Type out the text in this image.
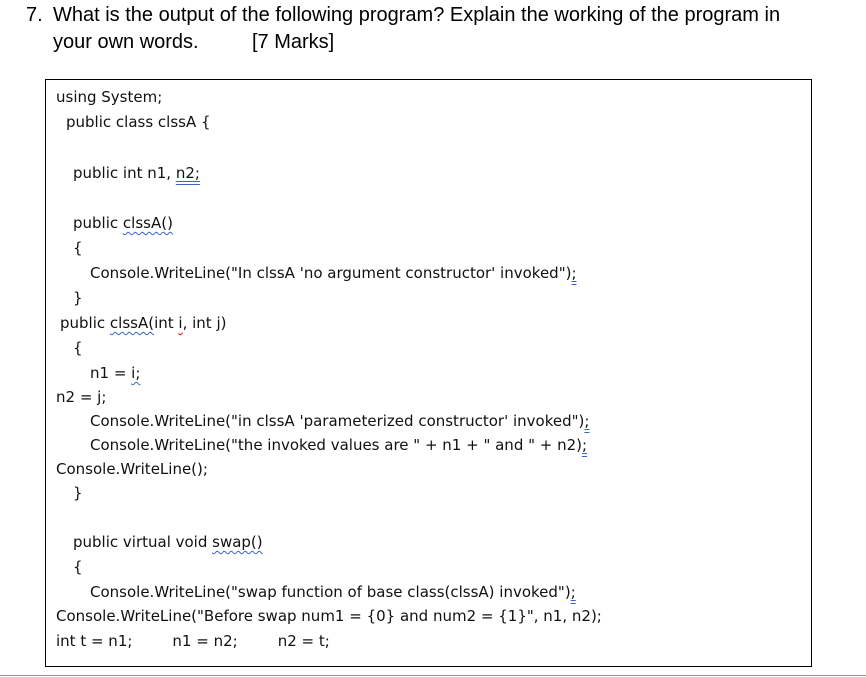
7. What is the output of the following program? Explain the working of the program in
your own words.	[7 Marks]
using System;
public class clssA {
public int n1, n2;
public clssA()
{
Console.WriteLine("In clssA 'no argument constructor' invoked");
}
public clssA(int i, int j)
{
n1 = i;
n2 = j;
Console.WriteLine("in clssA 'parameterized constructor' invoked");
Console.WriteLine("the invoked values are " + n1 + " and " + n2);
Console.WriteLine();
}
public virtual void swap()
{
Console.WriteLine("swap function of base class(clssA) invoked");
Console.WriteLine("Before swap num1 = {0} and num2 = {1}", n1, n2);
int t = n1;	n1 = n2;	n2 = t;
